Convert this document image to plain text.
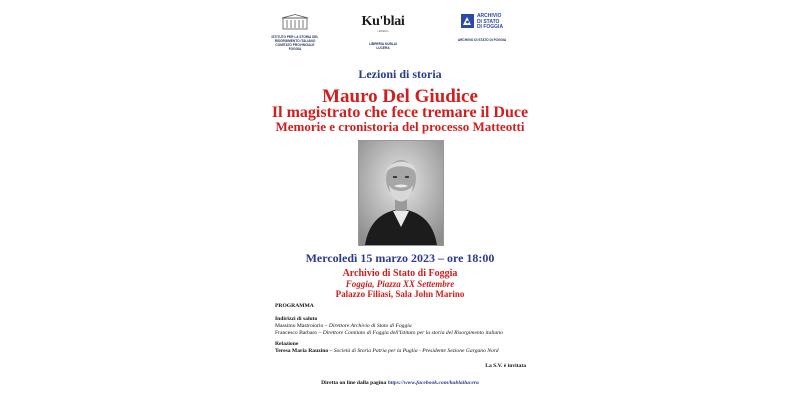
ISTITUTO PER LA STORIA DEL
RISORGIMENTO ITALIANO
COMITATO PROVINCIALE
FOGGIA
Ku'blai
LIBRERIA
LIBRERIA KUBLAI
LUCERA
ARCHIVIO
DI STATO
DI FOGGIA
ARCHIVIO DI STATO DI FOGGIA
Lezioni di storia
Mauro Del Giudice
Il magistrato che fece tremare il Duce
Memorie e cronistoria del processo Matteotti
Mercoledì 15 marzo 2023 – ore 18:00
Archivio di Stato di Foggia
Foggia, Piazza XX Settembre
Palazzo Filiasi, Sala John Marino
PROGRAMMA
Indirizzi di saluto
Massimo Mastroiorio – Direttore Archivio di Stato di Foggia
Francesco Barbaro – Direttore Comitato di Foggia dell'Istituto per la storia del Risorgimento italiano
Relazione
Teresa Maria Rauzino – Società di Storia Patria per la Puglia - Presidente Sezione Gargano Nord
La S.V. è invitata
Diretta on line dalla pagina https://www.facebook.com/kublailucera
